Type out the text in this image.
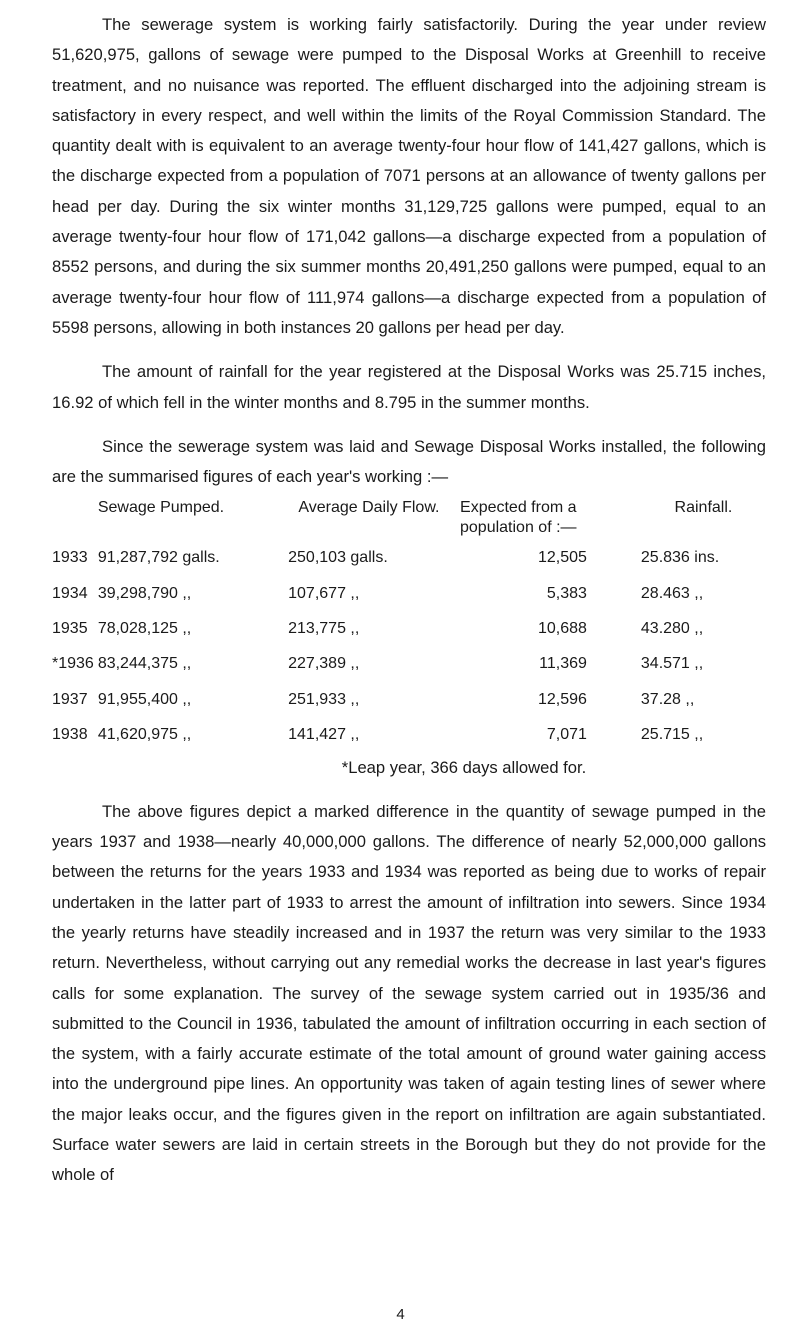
The sewerage system is working fairly satisfactorily. During the year under review 51,620,975, gallons of sewage were pumped to the Disposal Works at Greenhill to receive treatment, and no nuisance was reported. The effluent discharged into the adjoining stream is satisfactory in every respect, and well within the limits of the Royal Commission Standard. The quantity dealt with is equivalent to an average twenty-four hour flow of 141,427 gallons, which is the discharge expected from a population of 7071 persons at an allowance of twenty gallons per head per day. During the six winter months 31,129,725 gallons were pumped, equal to an average twenty-four hour flow of 171,042 gallons—a discharge expected from a population of 8552 persons, and during the six summer months 20,491,250 gallons were pumped, equal to an average twenty-four hour flow of 111,974 gallons—a discharge expected from a population of 5598 persons, allowing in both instances 20 gallons per head per day.

The amount of rainfall for the year registered at the Disposal Works was 25.715 inches, 16.92 of which fell in the winter months and 8.795 in the summer months.

Since the sewerage system was laid and Sewage Disposal Works installed, the following are the summarised figures of each year's working :—

	Sewage Pumped.	Average Daily Flow.	Expected from a population of :—	Rainfall.
1933	91,287,792 galls.	250,103 galls.	12,505	25.836 ins.
1934	39,298,790 ,,	107,677 ,,	5,383	28.463 ,,
1935	78,028,125 ,,	213,775 ,,	10,688	43.280 ,,
*1936	83,244,375 ,,	227,389 ,,	11,369	34.571 ,,
1937	91,955,400 ,,	251,933 ,,	12,596	37.28 ,,
1938	41,620,975 ,,	141,427 ,,	7,071	25.715 ,,
*Leap year, 366 days allowed for.

The above figures depict a marked difference in the quantity of sewage pumped in the years 1937 and 1938—nearly 40,000,000 gallons. The difference of nearly 52,000,000 gallons between the returns for the years 1933 and 1934 was reported as being due to works of repair undertaken in the latter part of 1933 to arrest the amount of infiltration into sewers. Since 1934 the yearly returns have steadily increased and in 1937 the return was very similar to the 1933 return. Nevertheless, without carrying out any remedial works the decrease in last year's figures calls for some explanation. The survey of the sewage system carried out in 1935/36 and submitted to the Council in 1936, tabulated the amount of infiltration occurring in each section of the system, with a fairly accurate estimate of the total amount of ground water gaining access into the underground pipe lines. An opportunity was taken of again testing lines of sewer where the major leaks occur, and the figures given in the report on infiltration are again substantiated. Surface water sewers are laid in certain streets in the Borough but they do not provide for the whole of

4
